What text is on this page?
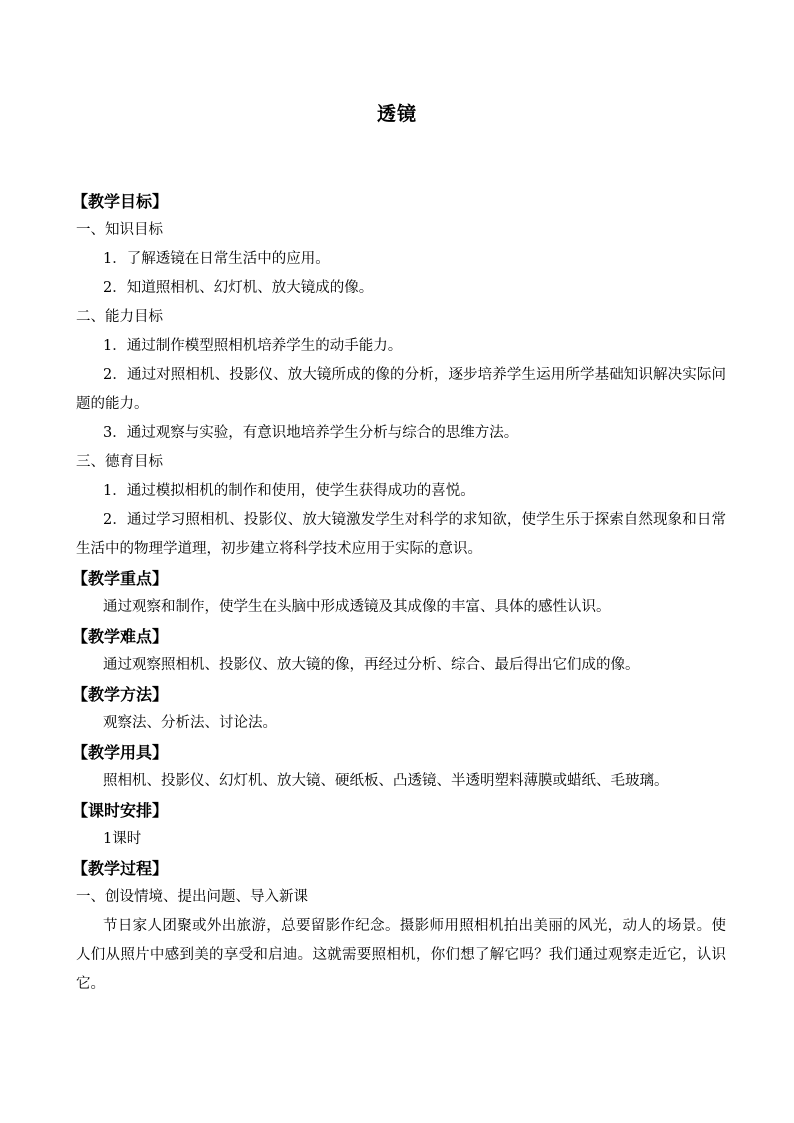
透镜
【教学目标】
一、知识目标
1．了解透镜在日常生活中的应用。
2．知道照相机、幻灯机、放大镜成的像。
二、能力目标
1．通过制作模型照相机培养学生的动手能力。
2．通过对照相机、投影仪、放大镜所成的像的分析，逐步培养学生运用所学基础知识解决实际问题的能力。
3．通过观察与实验，有意识地培养学生分析与综合的思维方法。
三、德育目标
1．通过模拟相机的制作和使用，使学生获得成功的喜悦。
2．通过学习照相机、投影仪、放大镜激发学生对科学的求知欲，使学生乐于探索自然现象和日常生活中的物理学道理，初步建立将科学技术应用于实际的意识。
【教学重点】
通过观察和制作，使学生在头脑中形成透镜及其成像的丰富、具体的感性认识。
【教学难点】
通过观察照相机、投影仪、放大镜的像，再经过分析、综合、最后得出它们成的像。
【教学方法】
观察法、分析法、讨论法。
【教学用具】
照相机、投影仪、幻灯机、放大镜、硬纸板、凸透镜、半透明塑料薄膜或蜡纸、毛玻璃。
【课时安排】
1课时
【教学过程】
一、创设情境、提出问题、导入新课
节日家人团聚或外出旅游，总要留影作纪念。摄影师用照相机拍出美丽的风光，动人的场景。使人们从照片中感到美的享受和启迪。这就需要照相机，你们想了解它吗？我们通过观察走近它，认识它。
